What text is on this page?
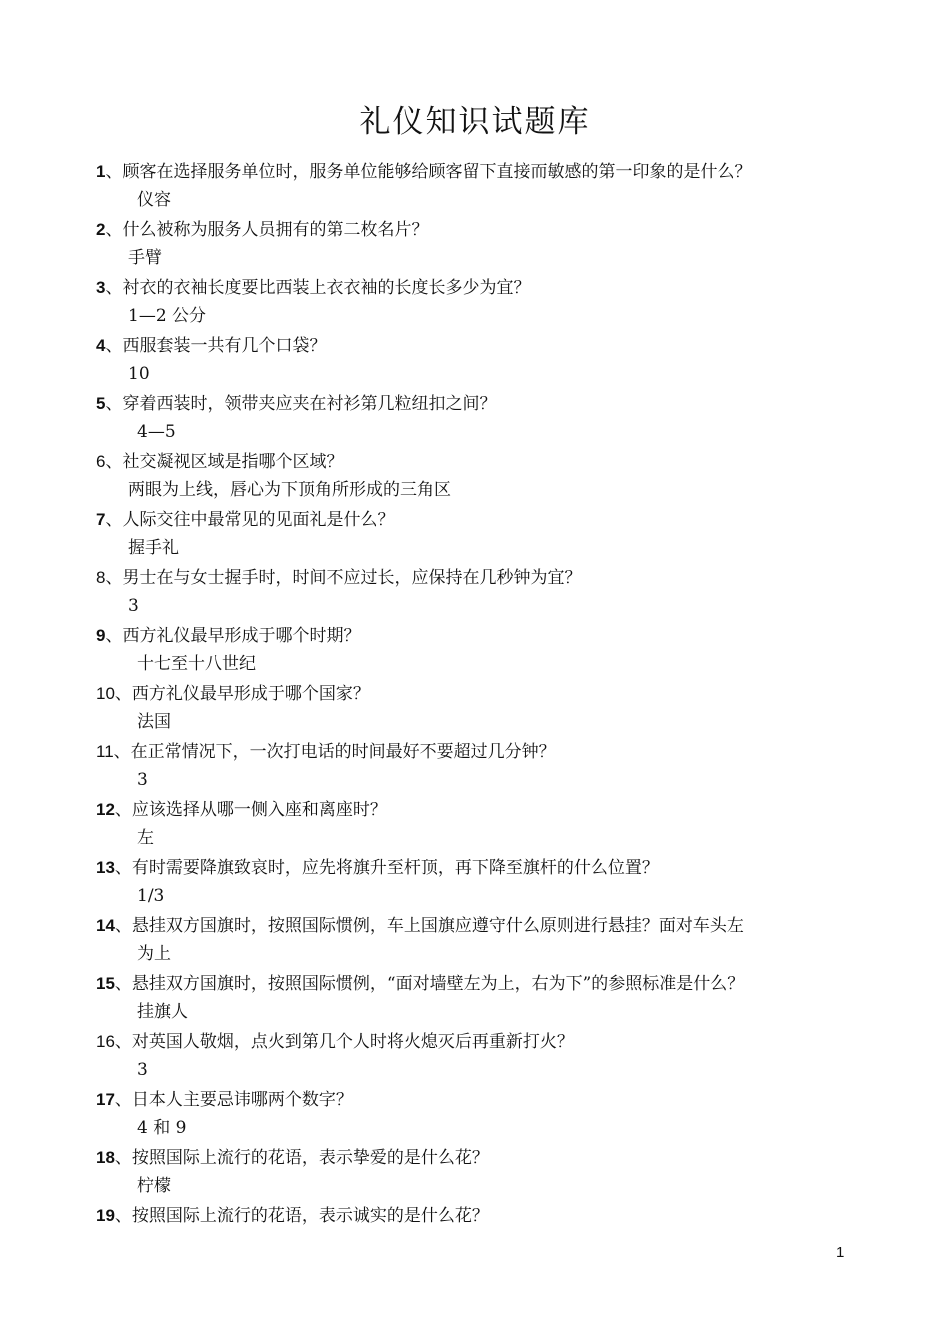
礼仪知识试题库
1、顾客在选择服务单位时，服务单位能够给顾客留下直接而敏感的第一印象的是什么？
仪容
2、什么被称为服务人员拥有的第二枚名片？
手臂
3、衬衣的衣袖长度要比西装上衣衣袖的长度长多少为宜？
1—2 公分
4、西服套装一共有几个口袋？
10
5、穿着西装时，领带夹应夹在衬衫第几粒纽扣之间？
4—5
6、社交凝视区域是指哪个区域？
两眼为上线，唇心为下顶角所形成的三角区
7、人际交往中最常见的见面礼是什么？
握手礼
8、男士在与女士握手时，时间不应过长，应保持在几秒钟为宜？
3
9、西方礼仪最早形成于哪个时期？
十七至十八世纪
10、西方礼仪最早形成于哪个国家？
法国
11、在正常情况下，一次打电话的时间最好不要超过几分钟？
3
12、应该选择从哪一侧入座和离座时？
左
13、有时需要降旗致哀时，应先将旗升至杆顶，再下降至旗杆的什么位置？
1/3
14、悬挂双方国旗时，按照国际惯例，车上国旗应遵守什么原则进行悬挂？面对车头左
为上
15、悬挂双方国旗时，按照国际惯例，“面对墙壁左为上，右为下”的参照标准是什么？
挂旗人
16、对英国人敬烟，点火到第几个人时将火熄灭后再重新打火？
3
17、日本人主要忌讳哪两个数字？
4 和 9
18、按照国际上流行的花语，表示挚爱的是什么花？
柠檬
19、按照国际上流行的花语，表示诚实的是什么花？
1
